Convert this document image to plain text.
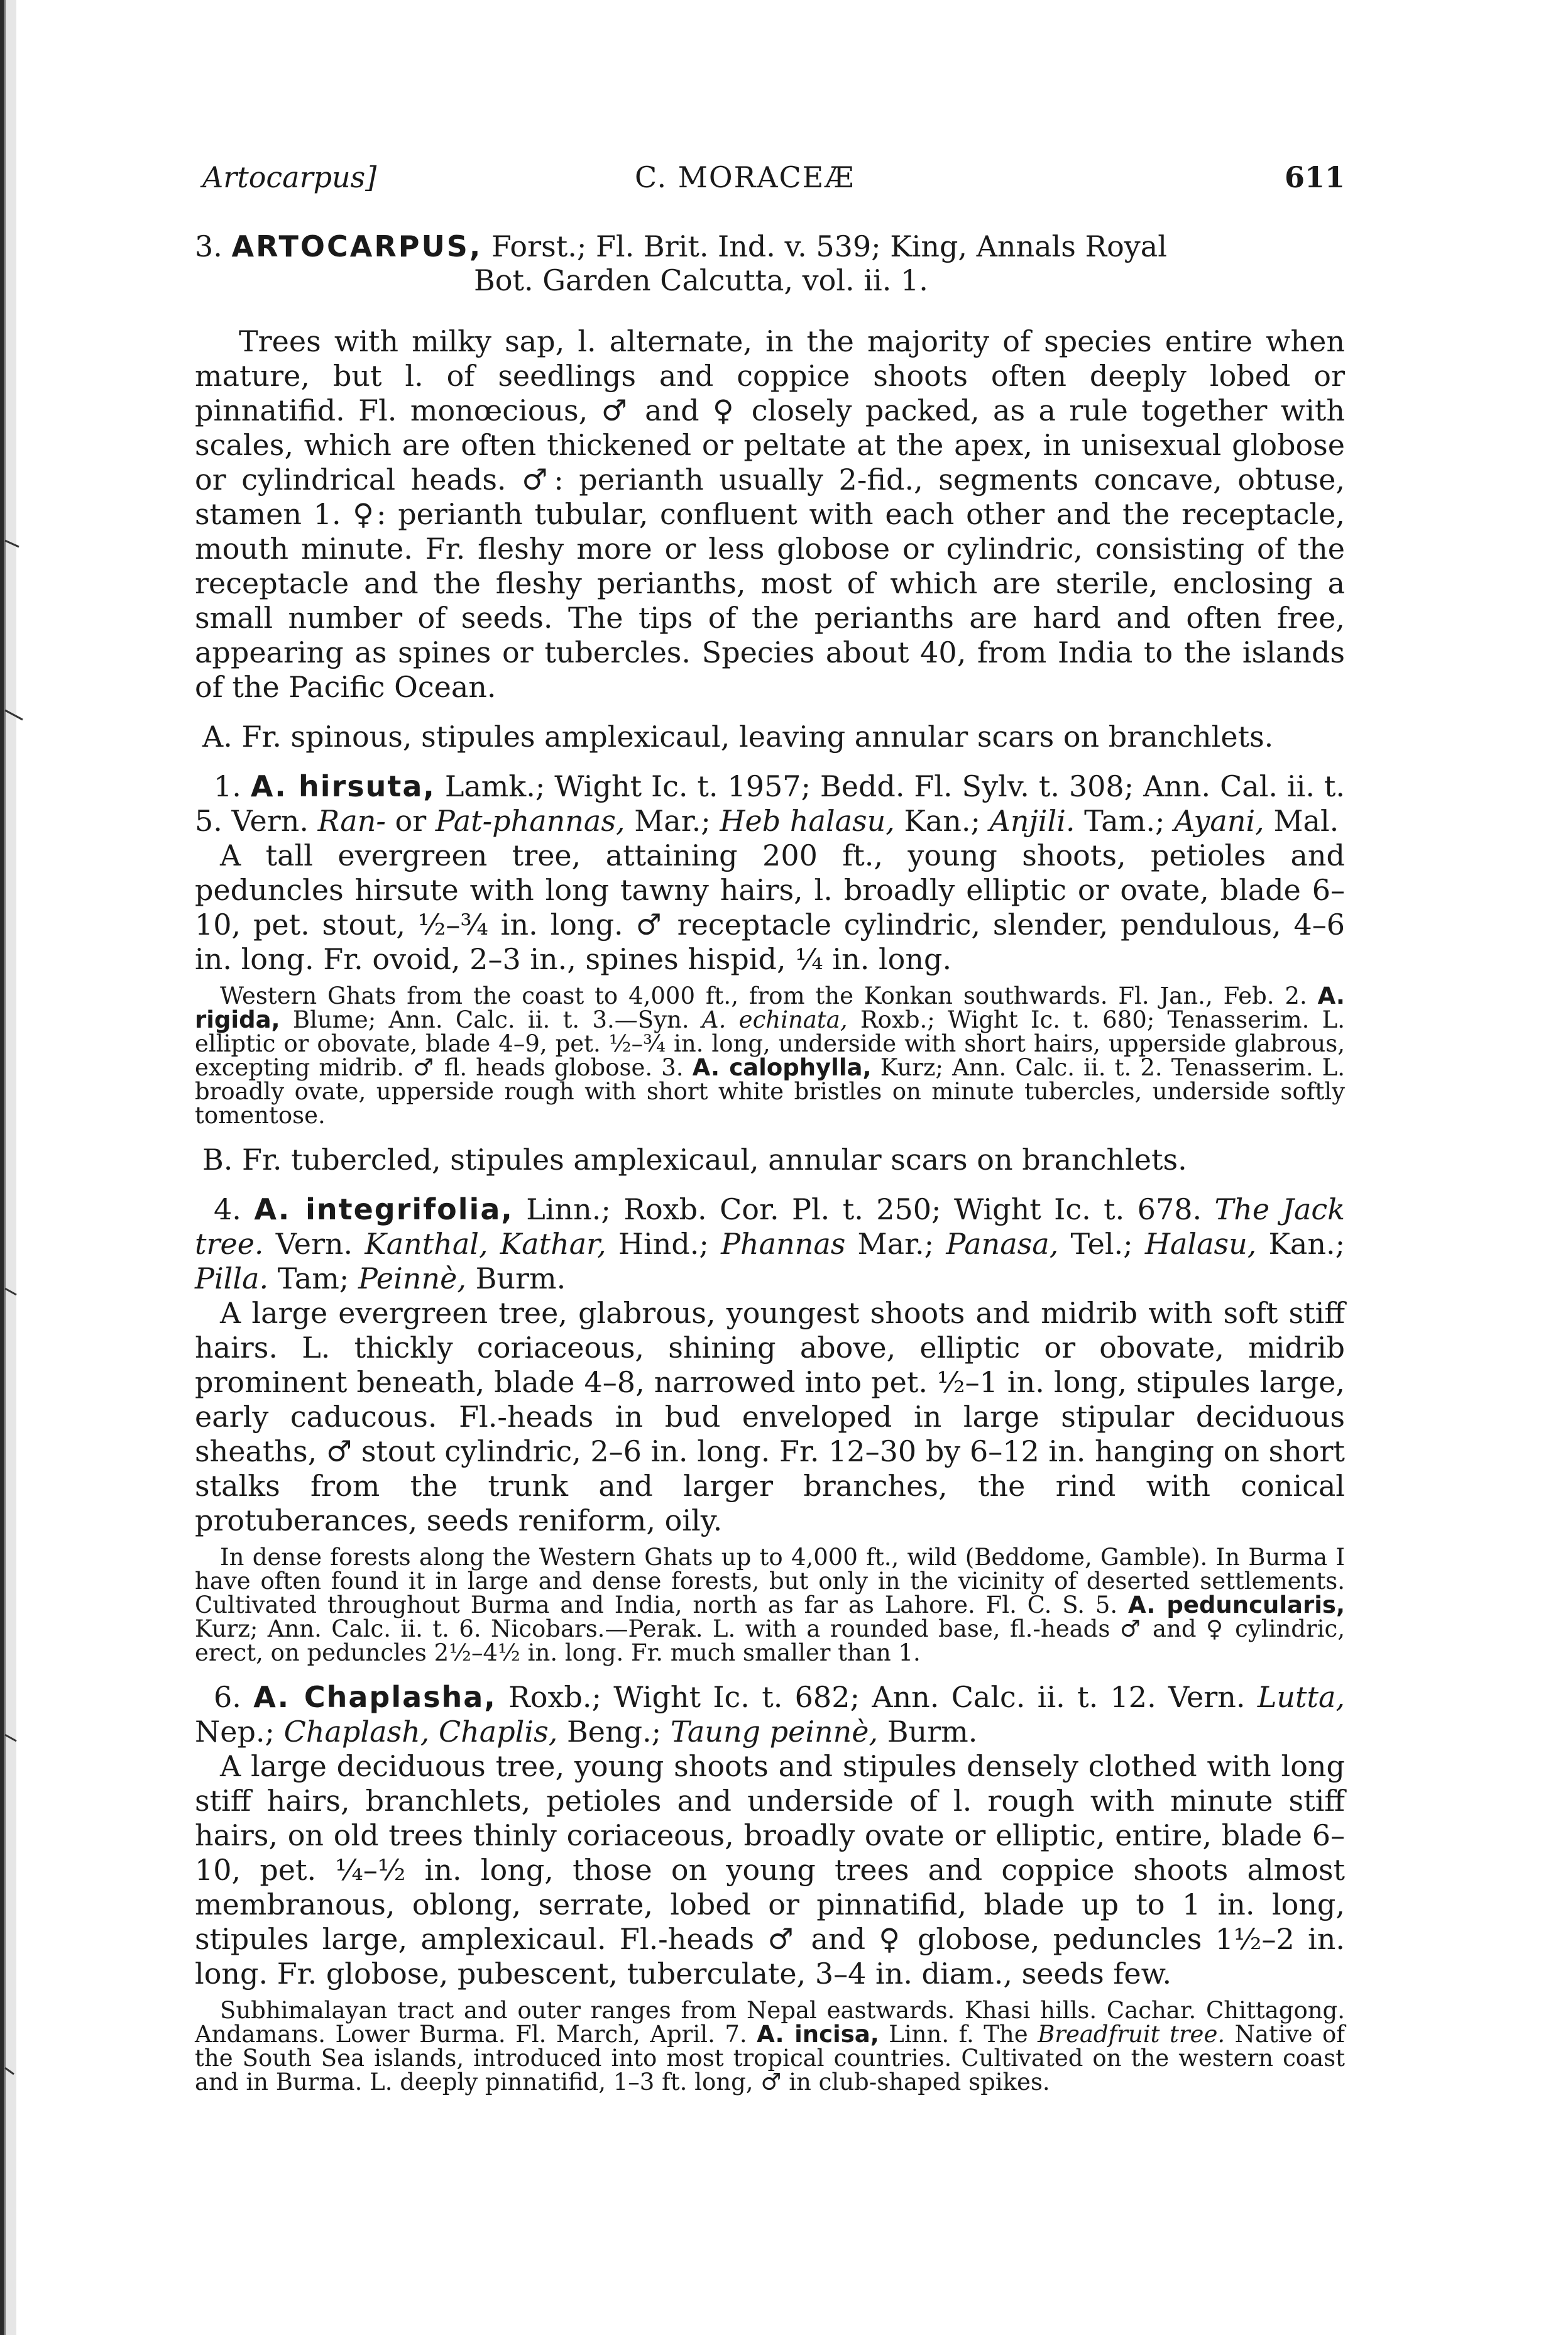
Artocarpus]	C. MORACEÆ	611

3. ARTOCARPUS, Forst.; Fl. Brit. Ind. v. 539; King, Annals Royal
Bot. Garden Calcutta, vol. ii. 1.

Trees with milky sap, l. alternate, in the majority of species entire when mature, but l. of seedlings and coppice shoots often deeply lobed or pinnatifid. Fl. monœcious, ♂ and ♀ closely packed, as a rule together with scales, which are often thickened or peltate at the apex, in unisexual globose or cylindrical heads. ♂: perianth usually 2-fid., segments concave, obtuse, stamen 1. ♀: perianth tubular, confluent with each other and the receptacle, mouth minute. Fr. fleshy more or less globose or cylindric, consisting of the receptacle and the fleshy perianths, most of which are sterile, enclosing a small number of seeds. The tips of the perianths are hard and often free, appearing as spines or tubercles. Species about 40, from India to the islands of the Pacific Ocean.

A. Fr. spinous, stipules amplexicaul, leaving annular scars on branchlets.

1. A. hirsuta, Lamk.; Wight Ic. t. 1957; Bedd. Fl. Sylv. t. 308; Ann. Cal. ii. t. 5. Vern. Ran- or Pat-phannas, Mar.; Heb halasu, Kan.; Anjili. Tam.; Ayani, Mal.

A tall evergreen tree, attaining 200 ft., young shoots, petioles and peduncles hirsute with long tawny hairs, l. broadly elliptic or ovate, blade 6–10, pet. stout, ½–¾ in. long. ♂ receptacle cylindric, slender, pendulous, 4–6 in. long. Fr. ovoid, 2–3 in., spines hispid, ¼ in. long.

Western Ghats from the coast to 4,000 ft., from the Konkan southwards. Fl. Jan., Feb. 2. A. rigida, Blume; Ann. Calc. ii. t. 3.—Syn. A. echinata, Roxb.; Wight Ic. t. 680; Tenasserim. L. elliptic or obovate, blade 4–9, pet. ½–¾ in. long, underside with short hairs, upperside glabrous, excepting midrib. ♂ fl. heads globose. 3. A. calophylla, Kurz; Ann. Calc. ii. t. 2. Tenasserim. L. broadly ovate, upperside rough with short white bristles on minute tubercles, underside softly tomentose.

B. Fr. tubercled, stipules amplexicaul, annular scars on branchlets.

4. A. integrifolia, Linn.; Roxb. Cor. Pl. t. 250; Wight Ic. t. 678. The Jack tree. Vern. Kanthal, Kathar, Hind.; Phannas Mar.; Panasa, Tel.; Halasu, Kan.; Pilla. Tam; Peinnè, Burm.

A large evergreen tree, glabrous, youngest shoots and midrib with soft stiff hairs. L. thickly coriaceous, shining above, elliptic or obovate, midrib prominent beneath, blade 4–8, narrowed into pet. ½–1 in. long, stipules large, early caducous. Fl.-heads in bud enveloped in large stipular deciduous sheaths, ♂ stout cylindric, 2–6 in. long. Fr. 12–30 by 6–12 in. hanging on short stalks from the trunk and larger branches, the rind with conical protuberances, seeds reniform, oily.

In dense forests along the Western Ghats up to 4,000 ft., wild (Beddome, Gamble). In Burma I have often found it in large and dense forests, but only in the vicinity of deserted settlements. Cultivated throughout Burma and India, north as far as Lahore. Fl. C. S. 5. A. peduncularis, Kurz; Ann. Calc. ii. t. 6. Nicobars.—Perak. L. with a rounded base, fl.-heads ♂ and ♀ cylindric, erect, on peduncles 2½–4½ in. long. Fr. much smaller than 1.

6. A. Chaplasha, Roxb.; Wight Ic. t. 682; Ann. Calc. ii. t. 12. Vern. Lutta, Nep.; Chaplash, Chaplis, Beng.; Taung peinnè, Burm.

A large deciduous tree, young shoots and stipules densely clothed with long stiff hairs, branchlets, petioles and underside of l. rough with minute stiff hairs, on old trees thinly coriaceous, broadly ovate or elliptic, entire, blade 6–10, pet. ¼–½ in. long, those on young trees and coppice shoots almost membranous, oblong, serrate, lobed or pinnatifid, blade up to 1 in. long, stipules large, amplexicaul. Fl.-heads ♂ and ♀ globose, peduncles 1½–2 in. long. Fr. globose, pubescent, tuberculate, 3–4 in. diam., seeds few.

Subhimalayan tract and outer ranges from Nepal eastwards. Khasi hills. Cachar. Chittagong. Andamans. Lower Burma. Fl. March, April. 7. A. incisa, Linn. f. The Breadfruit tree. Native of the South Sea islands, introduced into most tropical countries. Cultivated on the western coast and in Burma. L. deeply pinnatifid, 1–3 ft. long, ♂ in club-shaped spikes.
